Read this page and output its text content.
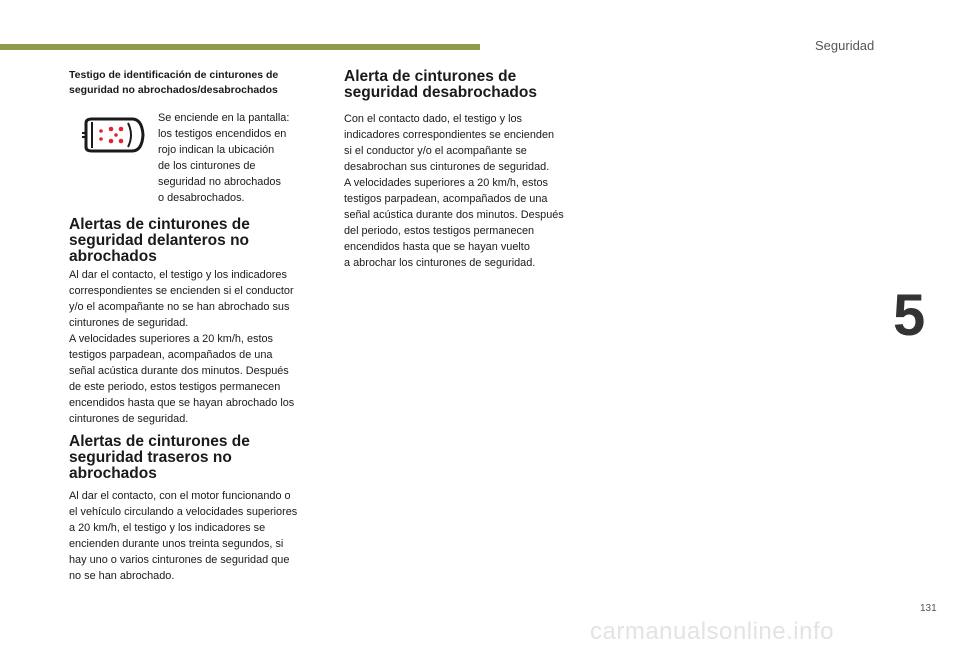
Seguridad
5
131

Testigo de identificación de cinturones de seguridad no abrochados/desabrochados

Se enciende en la pantalla:
los testigos encendidos en
rojo indican la ubicación
de los cinturones de
seguridad no abrochados
o desabrochados.

Alertas de cinturones de seguridad delanteros no abrochados

Al dar el contacto, el testigo y los indicadores
correspondientes se encienden si el conductor
y/o el acompañante no se han abrochado sus
cinturones de seguridad.
A velocidades superiores a 20 km/h, estos
testigos parpadean, acompañados de una
señal acústica durante dos minutos. Después
de este periodo, estos testigos permanecen
encendidos hasta que se hayan abrochado los
cinturones de seguridad.

Alertas de cinturones de seguridad traseros no abrochados

Al dar el contacto, con el motor funcionando o
el vehículo circulando a velocidades superiores
a 20 km/h, el testigo y los indicadores se
encienden durante unos treinta segundos, si
hay uno o varios cinturones de seguridad que
no se han abrochado.

Alerta de cinturones de seguridad desabrochados

Con el contacto dado, el testigo y los
indicadores correspondientes se encienden
si el conductor y/o el acompañante se
desabrochan sus cinturones de seguridad.
A velocidades superiores a 20 km/h, estos
testigos parpadean, acompañados de una
señal acústica durante dos minutos. Después
del periodo, estos testigos permanecen
encendidos hasta que se hayan vuelto
a abrochar los cinturones de seguridad.

carmanualsonline.info
